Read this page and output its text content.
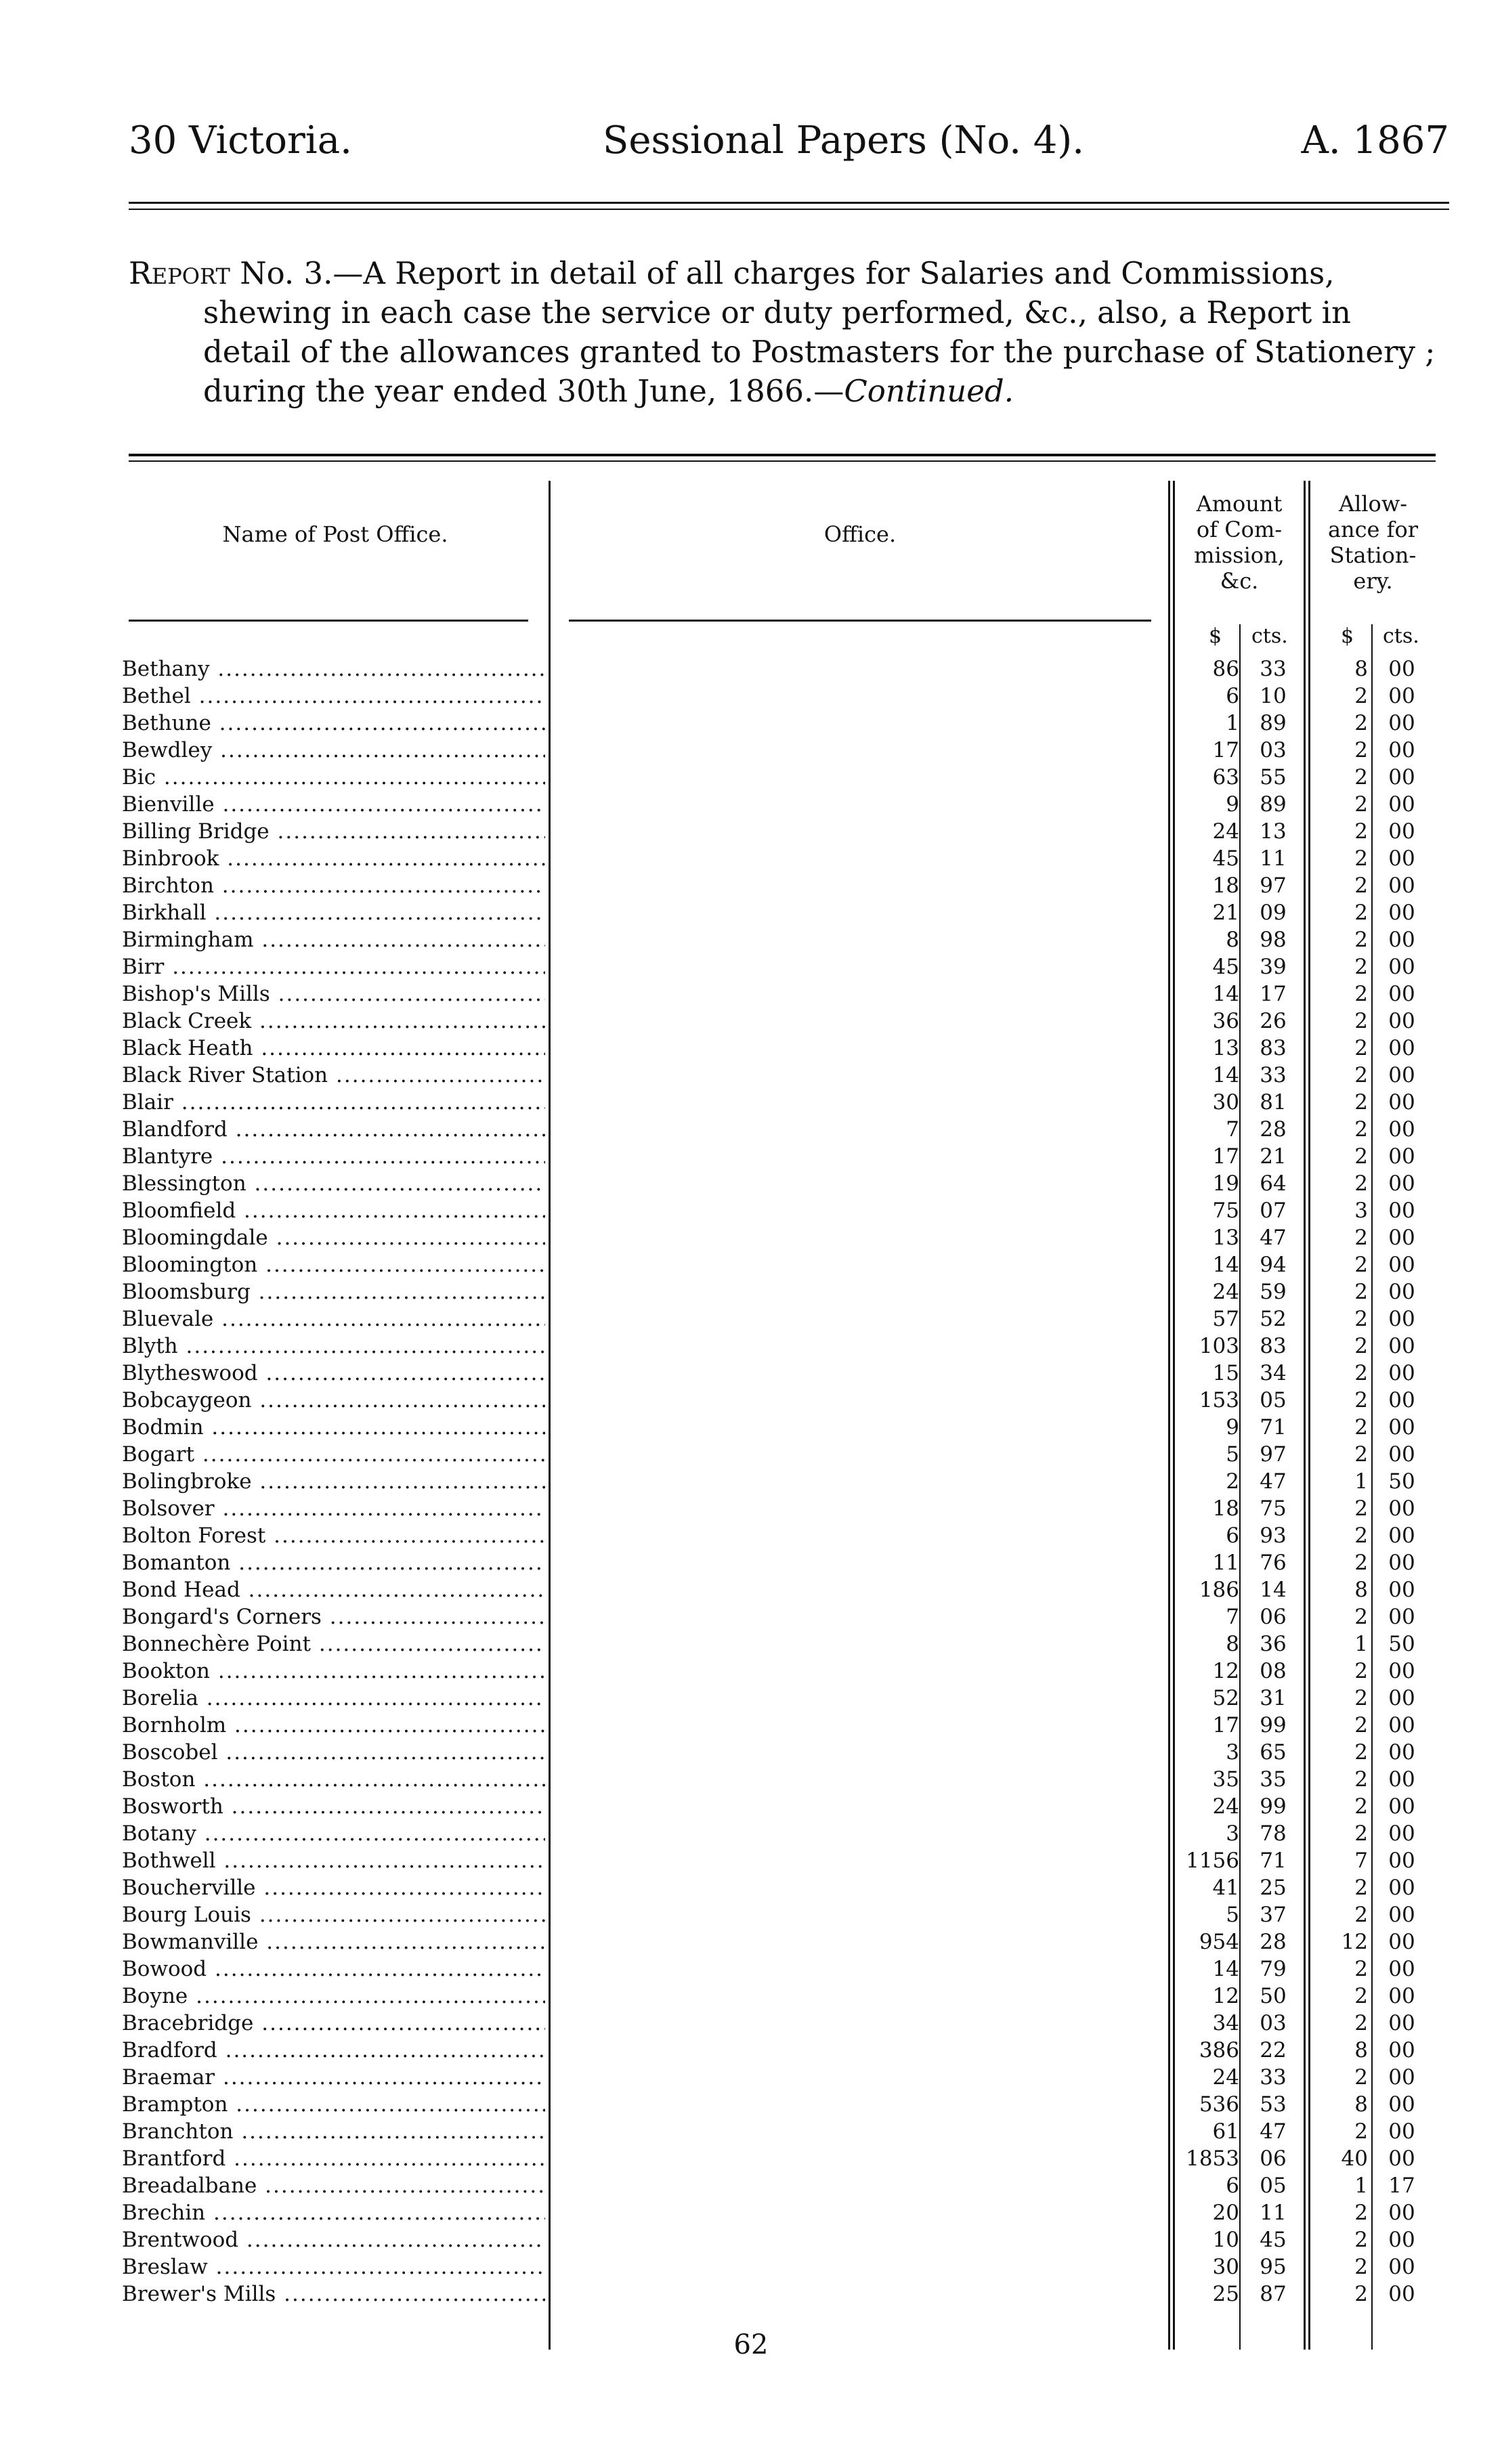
30 Victoria.	Sessional Papers (No. 4).	A. 1867
Report No. 3.—A Report in detail of all charges for Salaries and Commissions,
shewing in each case the service or duty performed, &c., also, a Report in
detail of the allowances granted to Postmasters for the purchase of Stationery ;
during the year ended 30th June, 1866.—Continued.
Name of Post Office.	Office.
Amount
of Com-
mission,
&c.
Allow-
ance for
Station-
ery.
$ cts.	$ cts.
Bethany .....	86 33	8 00
Bethel .....	6 10	2 00
Bethune .....	1 89	2 00
Bewdley .....	17 03	2 00
Bic .....	63 55	2 00
Bienville .....	9 89	2 00
Billing Bridge .....	24 13	2 00
Binbrook .....	45 11	2 00
Birchton .....	18 97	2 00
Birkhall .....	21 09	2 00
Birmingham .....	8 98	2 00
Birr .....	45 39	2 00
Bishop's Mills .....	14 17	2 00
Black Creek .....	36 26	2 00
Black Heath .....	13 83	2 00
Black River Station .....	14 33	2 00
Blair .....	30 81	2 00
Blandford .....	7 28	2 00
Blantyre .....	17 21	2 00
Blessington .....	19 64	2 00
Bloomfield .....	75 07	3 00
Bloomingdale .....	13 47	2 00
Bloomington .....	14 94	2 00
Bloomsburg .....	24 59	2 00
Bluevale .....	57 52	2 00
Blyth .....	103 83	2 00
Blytheswood .....	15 34	2 00
Bobcaygeon .....	153 05	2 00
Bodmin .....	9 71	2 00
Bogart .....	5 97	2 00
Bolingbroke .....	2 47	1 50
Bolsover .....	18 75	2 00
Bolton Forest .....	6 93	2 00
Bomanton .....	11 76	2 00
Bond Head .....	186 14	8 00
Bongard's Corners .....	7 06	2 00
Bonnechère Point .....	8 36	1 50
Bookton .....	12 08	2 00
Borelia .....	52 31	2 00
Bornholm .....	17 99	2 00
Boscobel .....	3 65	2 00
Boston .....	35 35	2 00
Bosworth .....	24 99	2 00
Botany .....	3 78	2 00
Bothwell .....	1156 71	7 00
Boucherville .....	41 25	2 00
Bourg Louis .....	5 37	2 00
Bowmanville .....	954 28	12 00
Bowood .....	14 79	2 00
Boyne .....	12 50	2 00
Bracebridge .....	34 03	2 00
Bradford .....	386 22	8 00
Braemar .....	24 33	2 00
Brampton .....	536 53	8 00
Branchton .....	61 47	2 00
Brantford .....	1853 06	40 00
Breadalbane .....	6 05	1 17
Brechin .....	20 11	2 00
Brentwood .....	10 45	2 00
Breslaw .....	30 95	2 00
Brewer's Mills .....	25 87	2 00
62
